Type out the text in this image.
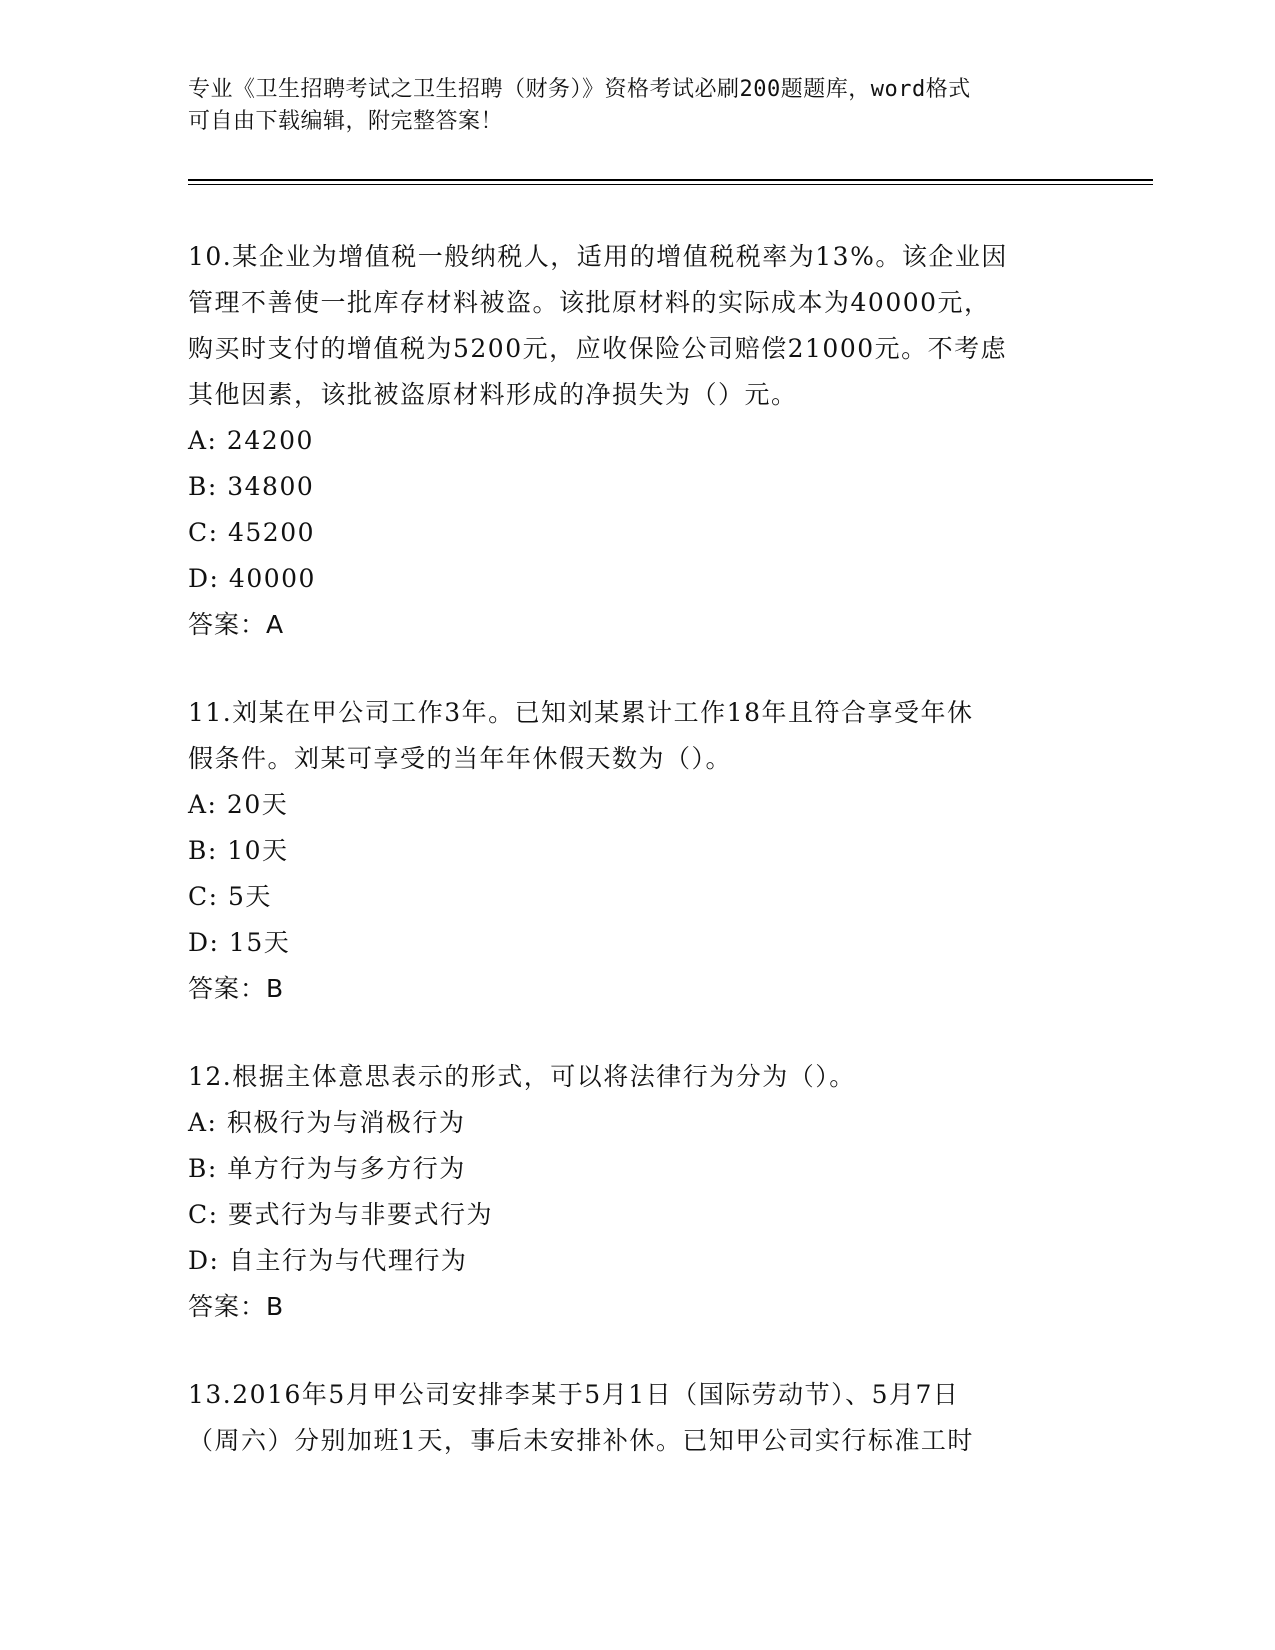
专业《卫生招聘考试之卫生招聘（财务）》资格考试必刷200题题库，word格式
可自由下载编辑，附完整答案！

10.某企业为增值税一般纳税人，适用的增值税税率为13%。该企业因

管理不善使一批库存材料被盗。该批原材料的实际成本为40000元，

购买时支付的增值税为5200元，应收保险公司赔偿21000元。不考虑

其他因素，该批被盗原材料形成的净损失为（）元。

A: 24200

B: 34800

C: 45200

D: 40000

答案：A

11.刘某在甲公司工作3年。已知刘某累计工作18年且符合享受年休

假条件。刘某可享受的当年年休假天数为（）。

A: 20天

B: 10天

C: 5天

D: 15天

答案：B

12.根据主体意思表示的形式，可以将法律行为分为（）。

A: 积极行为与消极行为

B: 单方行为与多方行为

C: 要式行为与非要式行为

D: 自主行为与代理行为

答案：B

13.2016年5月甲公司安排李某于5月1日（国际劳动节）、5月7日

（周六）分别加班1天，事后未安排补休。已知甲公司实行标准工时
